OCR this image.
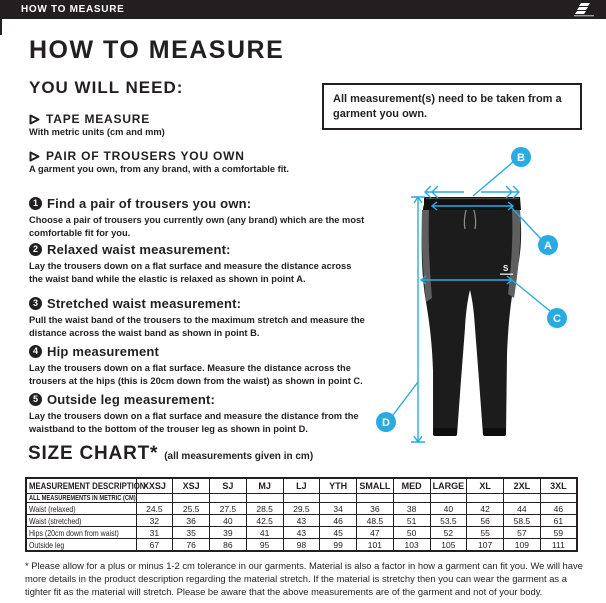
HOW TO MEASURE
HOW TO MEASURE
YOU WILL NEED:
TAPE MEASURE
With metric units (cm and mm)
PAIR OF TROUSERS YOU OWN
A garment you own, from any brand, with a comfortable fit.
All measurement(s) need to be taken from a garment you own.
1 Find a pair of trousers you own:
Choose a pair of trousers you currently own (any brand) which are the most comfortable fit for you.
2 Relaxed waist measurement:
Lay the trousers down on a flat surface and measure the distance across the waist band while the elastic is relaxed as shown in point A.
3 Stretched waist measurement:
Pull the waist band of the trousers to the maximum stretch and measure the distance across the waist band as shown in point B.
4 Hip measurement
Lay the trousers down on a flat surface. Measure the distance across the trousers at the hips (this is 20cm down from the waist) as shown in point C.
5 Outside leg measurement:
Lay the trousers down on a flat surface and measure the distance from the waistband to the bottom of the trouser leg as shown in point D.
S
A
B
C
D
SIZE CHART* (all measurements given in cm)
MEASUREMENT DESCRIPTION	XXSJ	XSJ	SJ	MJ	LJ	YTH	SMALL	MED	LARGE	XL	2XL	3XL
ALL MEASUREMENTS IN METRIC (CM)												
Waist (relaxed)	24.5	25.5	27.5	28.5	29.5	34	36	38	40	42	44	46
Waist (stretched)	32	36	40	42.5	43	46	48.5	51	53.5	56	58.5	61
Hips (20cm down from waist)	31	35	39	41	43	45	47	50	52	55	57	59
Outside leg	67	76	86	95	98	99	101	103	105	107	109	111

* Please allow for a plus or minus 1-2 cm tolerance in our garments. Material is also a factor in how a garment can fit you. We will have more details in the product description regarding the material stretch. If the material is stretchy then you can wear the garment as a tighter fit as the material will stretch. Please be aware that the above measurements are of the garment and not of your body.
